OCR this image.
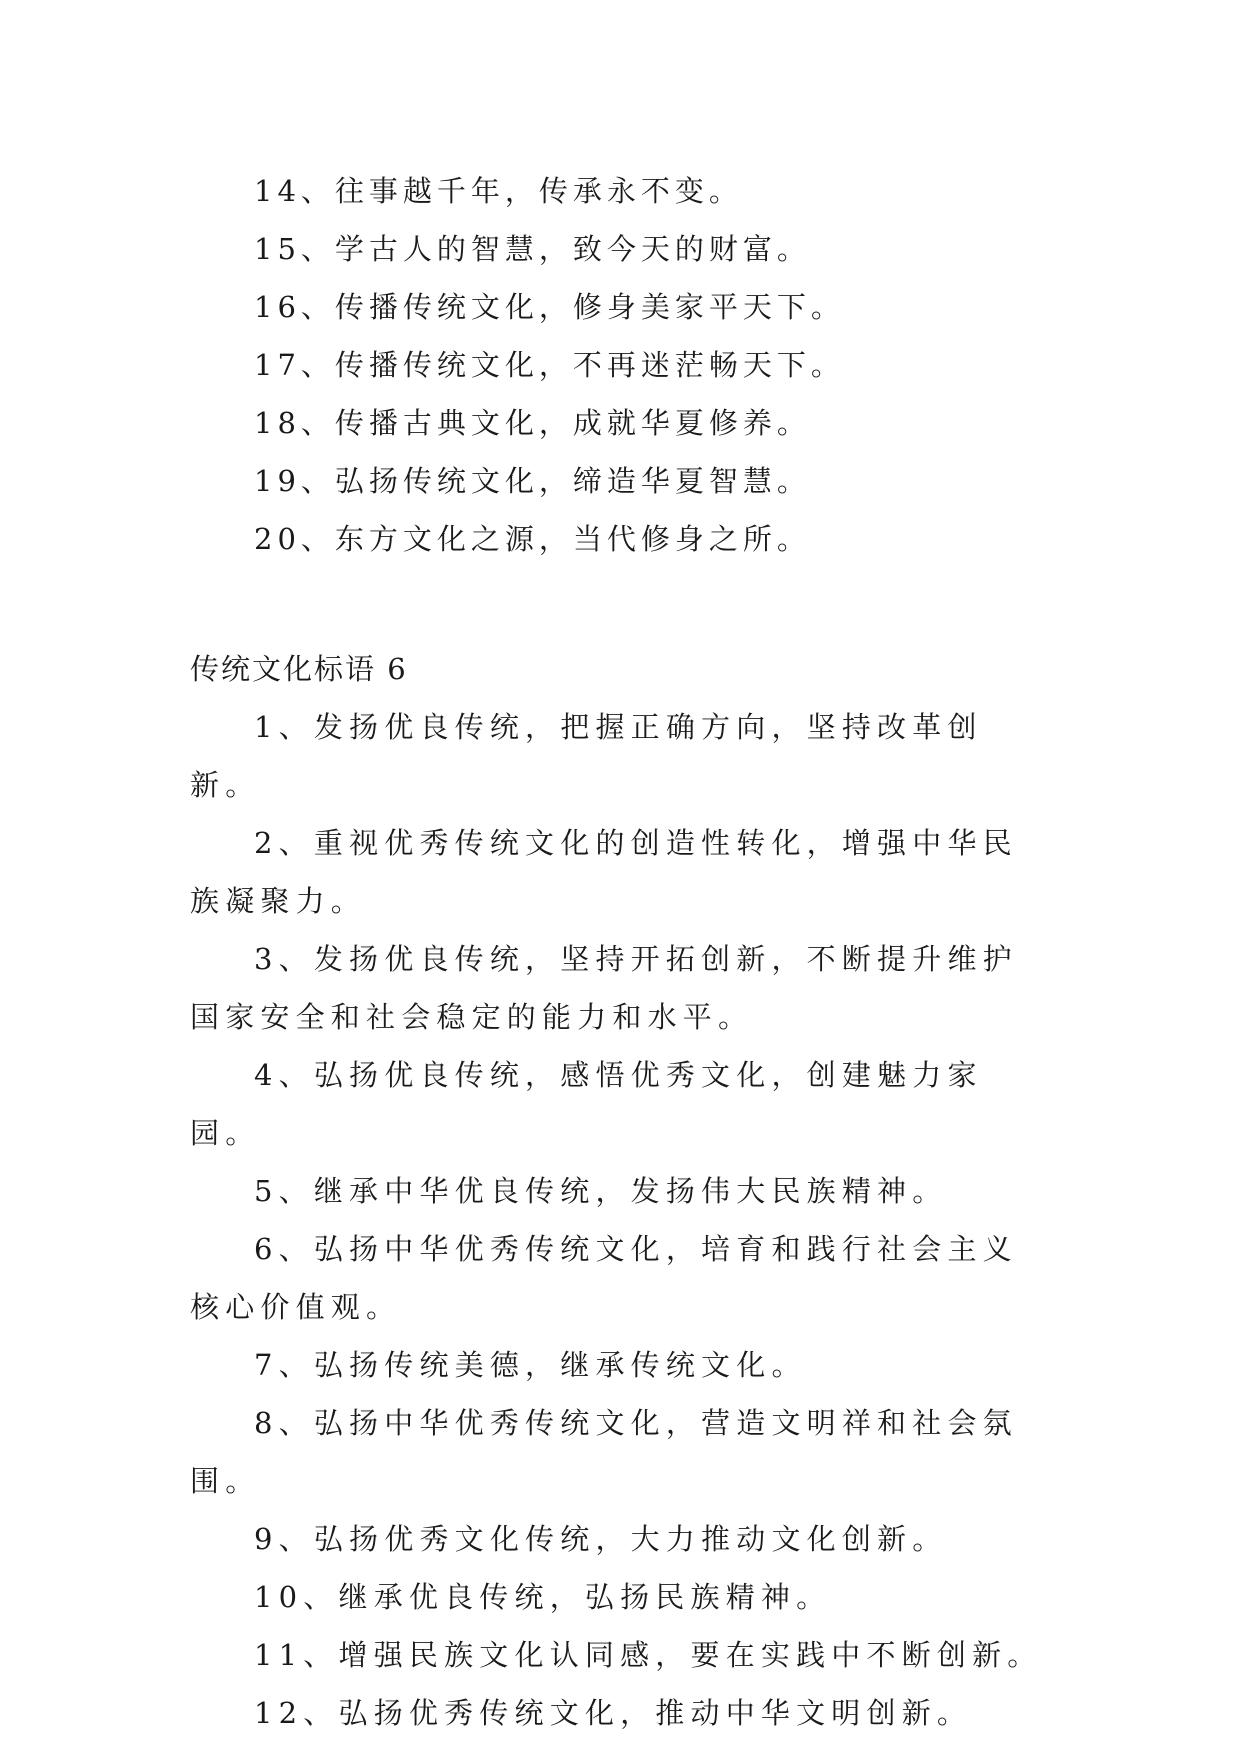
14、往事越千年，传承永不变。

15、学古人的智慧，致今天的财富。

16、传播传统文化，修身美家平天下。

17、传播传统文化，不再迷茫畅天下。

18、传播古典文化，成就华夏修养。

19、弘扬传统文化，缔造华夏智慧。

20、东方文化之源，当代修身之所。

传统文化标语 6

1、发扬优良传统，把握正确方向，坚持改革创新。

2、重视优秀传统文化的创造性转化，增强中华民族凝聚力。

3、发扬优良传统，坚持开拓创新，不断提升维护国家安全和社会稳定的能力和水平。

4、弘扬优良传统，感悟优秀文化，创建魅力家园。

5、继承中华优良传统，发扬伟大民族精神。

6、弘扬中华优秀传统文化，培育和践行社会主义核心价值观。

7、弘扬传统美德，继承传统文化。

8、弘扬中华优秀传统文化，营造文明祥和社会氛围。

9、弘扬优秀文化传统，大力推动文化创新。

10、继承优良传统，弘扬民族精神。

11、增强民族文化认同感，要在实践中不断创新。

12、弘扬优秀传统文化，推动中华文明创新。
